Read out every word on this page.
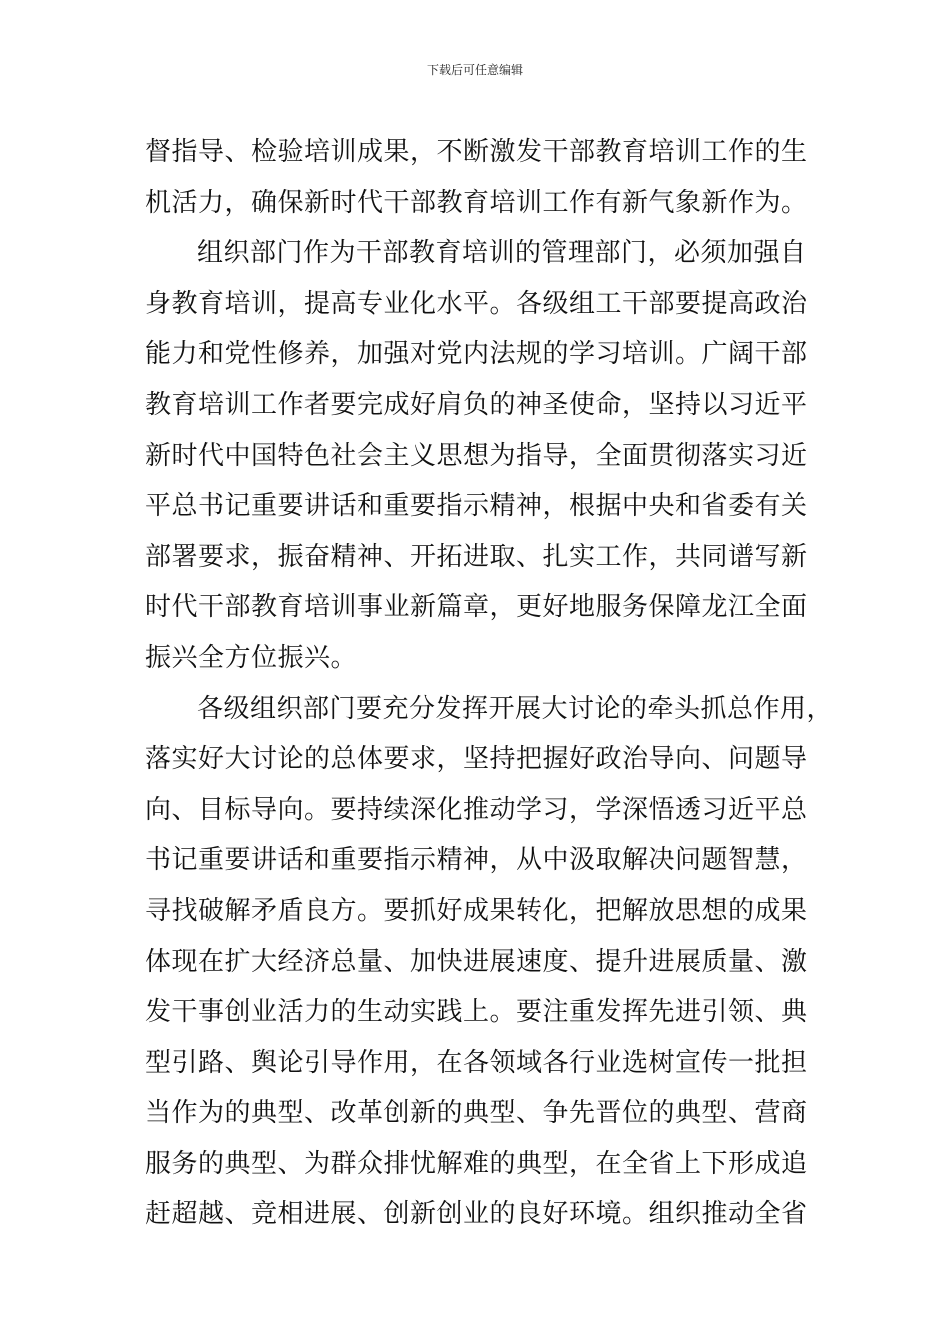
下载后可任意编辑
督指导、检验培训成果，不断激发干部教育培训工作的生
机活力，确保新时代干部教育培训工作有新气象新作为。
组织部门作为干部教育培训的管理部门，必须加强自
身教育培训，提高专业化水平。各级组工干部要提高政治
能力和党性修养，加强对党内法规的学习培训。广阔干部
教育培训工作者要完成好肩负的神圣使命，坚持以习近平
新时代中国特色社会主义思想为指导，全面贯彻落实习近
平总书记重要讲话和重要指示精神，根据中央和省委有关
部署要求，振奋精神、开拓进取、扎实工作，共同谱写新
时代干部教育培训事业新篇章，更好地服务保障龙江全面
振兴全方位振兴。
各级组织部门要充分发挥开展大讨论的牵头抓总作用，
落实好大讨论的总体要求，坚持把握好政治导向、问题导
向、目标导向。要持续深化推动学习，学深悟透习近平总
书记重要讲话和重要指示精神，从中汲取解决问题智慧，
寻找破解矛盾良方。要抓好成果转化，把解放思想的成果
体现在扩大经济总量、加快进展速度、提升进展质量、激
发干事创业活力的生动实践上。要注重发挥先进引领、典
型引路、舆论引导作用，在各领域各行业选树宣传一批担
当作为的典型、改革创新的典型、争先晋位的典型、营商
服务的典型、为群众排忧解难的典型，在全省上下形成追
赶超越、竞相进展、创新创业的良好环境。组织推动全省
